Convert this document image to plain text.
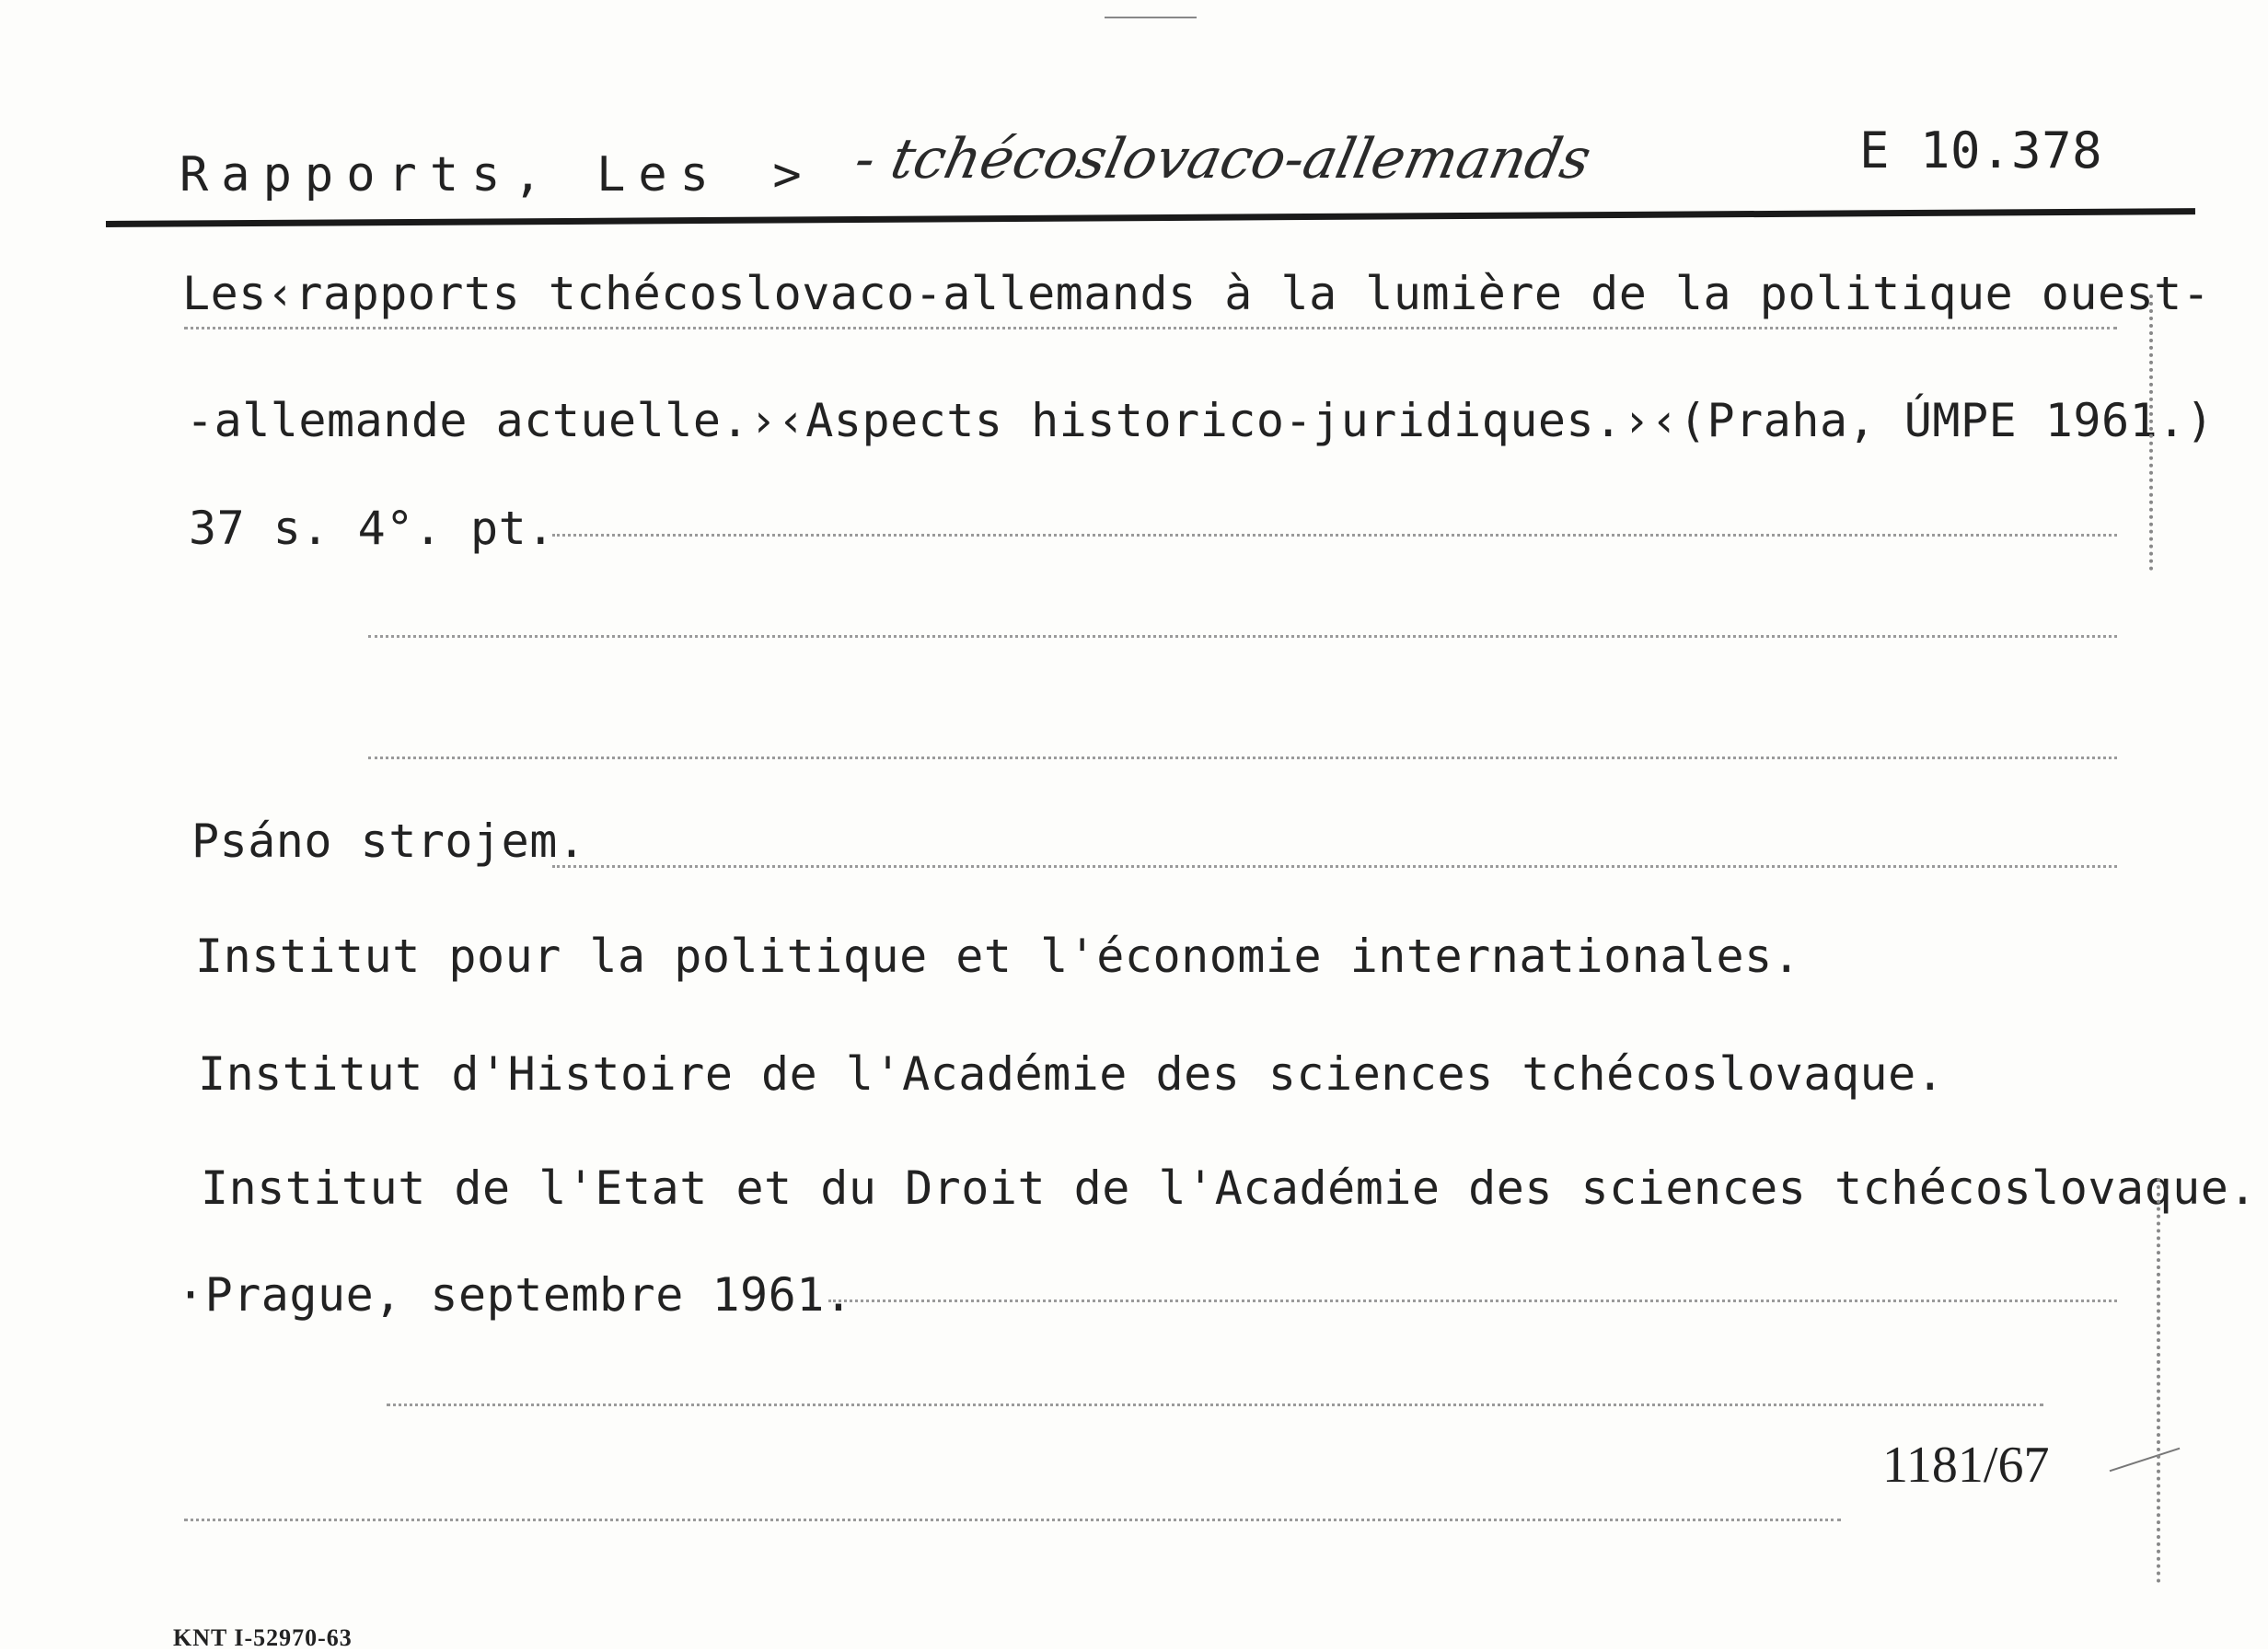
Rapports, Les > - tchécoslovaco-allemands	E 10.378
Les‹rapports tchécoslovaco-allemands à la lumière de la politique ouest-
-allemande actuelle.›‹Aspects historico-juridiques.›‹(Praha, ÚMPE 1961.)
37 s. 4°. pt.
Psáno strojem.
Institut pour la politique et l'économie internationales.
Institut d'Histoire de l'Académie des sciences tchécoslovaque.
Institut de l'Etat et du Droit de l'Académie des sciences tchécoslovaque.
·Prague, septembre 1961.
1181/67
KNT I-52970-63
